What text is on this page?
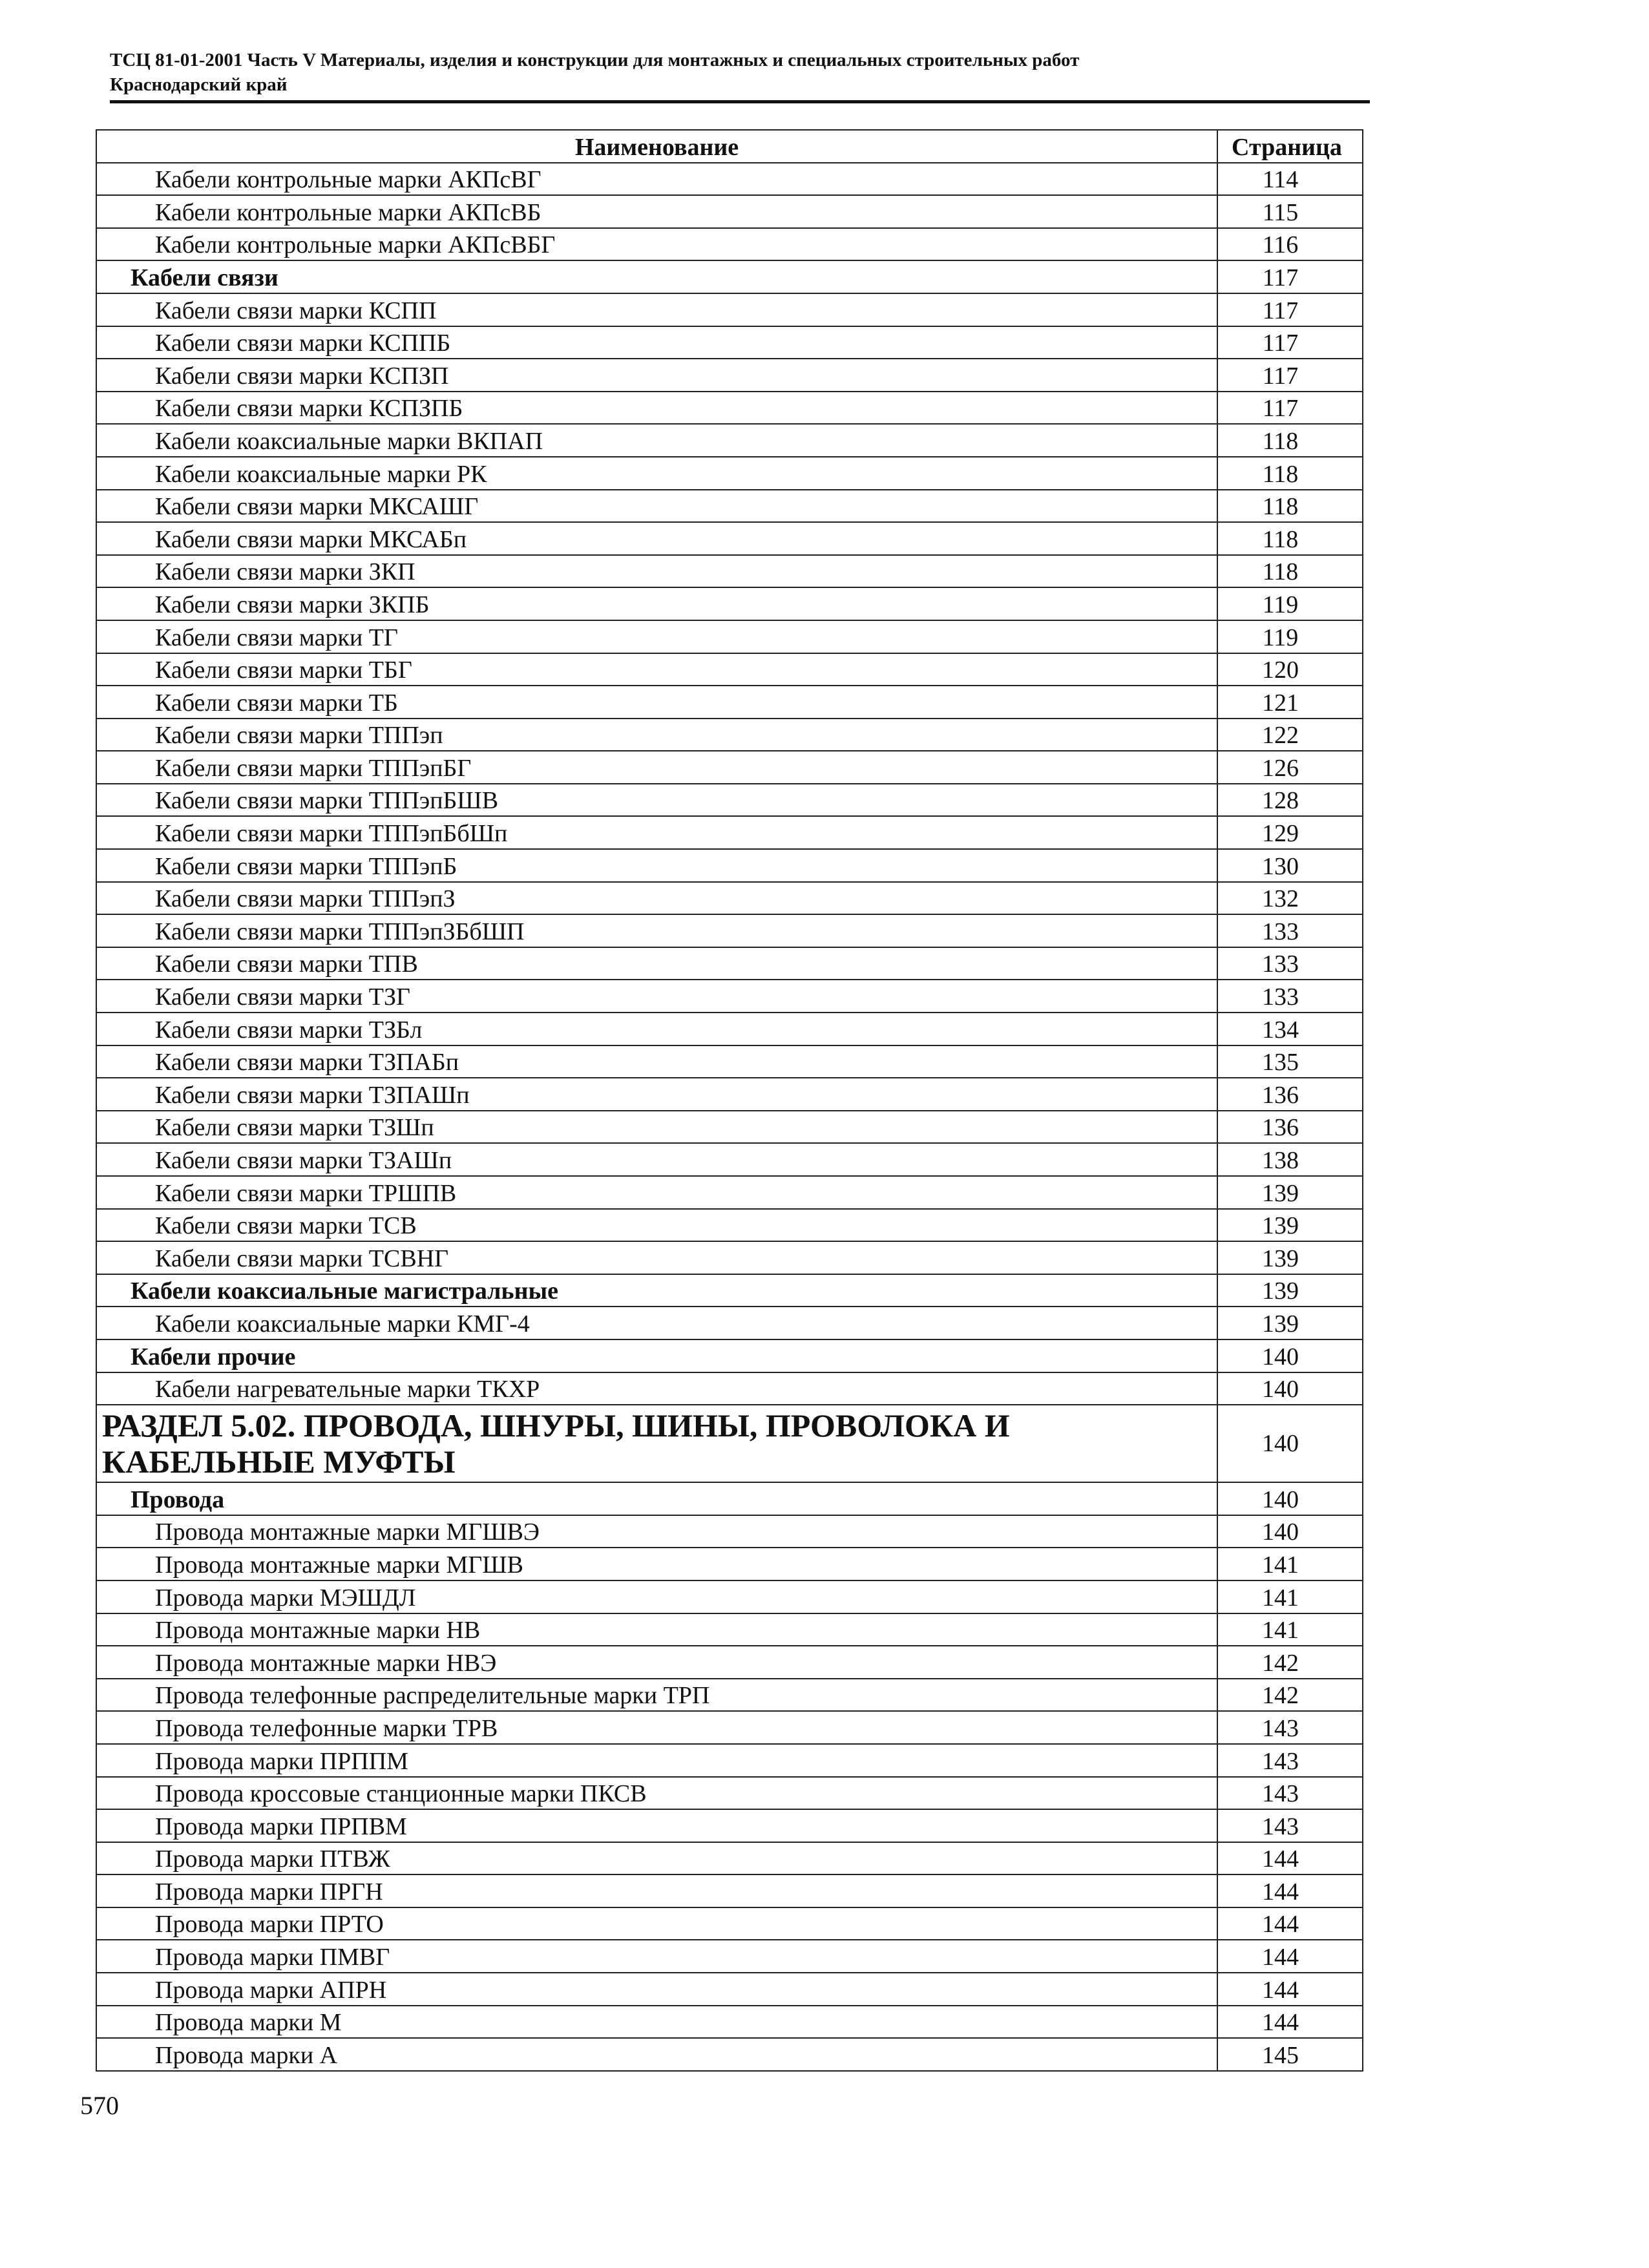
ТСЦ 81-01-2001 Часть V Материалы, изделия и конструкции для монтажных и специальных строительных работ
Краснодарский край
Наименование	Страница
Кабели контрольные марки АКПсВГ	114
Кабели контрольные марки АКПсВБ	115
Кабели контрольные марки АКПсВБГ	116
Кабели связи	117
Кабели связи марки КСПП	117
Кабели связи марки КСППБ	117
Кабели связи марки КСПЗП	117
Кабели связи марки КСПЗПБ	117
Кабели коаксиальные марки ВКПАП	118
Кабели коаксиальные марки РК	118
Кабели связи марки МКСАШГ	118
Кабели связи марки МКСАБп	118
Кабели связи марки ЗКП	118
Кабели связи марки ЗКПБ	119
Кабели связи марки ТГ	119
Кабели связи марки ТБГ	120
Кабели связи марки ТБ	121
Кабели связи марки ТППэп	122
Кабели связи марки ТППэпБГ	126
Кабели связи марки ТППэпБШВ	128
Кабели связи марки ТППэпБбШп	129
Кабели связи марки ТППэпБ	130
Кабели связи марки ТППэпЗ	132
Кабели связи марки ТППэпЗБбШП	133
Кабели связи марки ТПВ	133
Кабели связи марки ТЗГ	133
Кабели связи марки ТЗБл	134
Кабели связи марки ТЗПАБп	135
Кабели связи марки ТЗПАШп	136
Кабели связи марки ТЗШп	136
Кабели связи марки ТЗАШп	138
Кабели связи марки ТРШПВ	139
Кабели связи марки ТСВ	139
Кабели связи марки ТСВНГ	139
Кабели коаксиальные магистральные	139
Кабели коаксиальные марки КМГ-4	139
Кабели прочие	140
Кабели нагревательные марки ТКХР	140
РАЗДЕЛ 5.02. ПРОВОДА, ШНУРЫ, ШИНЫ, ПРОВОЛОКА И КАБЕЛЬНЫЕ МУФТЫ	140
Провода	140
Провода монтажные марки МГШВЭ	140
Провода монтажные марки МГШВ	141
Провода марки МЭШДЛ	141
Провода монтажные марки НВ	141
Провода монтажные марки НВЭ	142
Провода телефонные распределительные марки ТРП	142
Провода телефонные марки ТРВ	143
Провода марки ПРППМ	143
Провода кроссовые станционные марки ПКСВ	143
Провода марки ПРПВМ	143
Провода марки ПТВЖ	144
Провода марки ПРГН	144
Провода марки ПРТО	144
Провода марки ПМВГ	144
Провода марки АПРН	144
Провода марки М	144
Провода марки А	145
570
